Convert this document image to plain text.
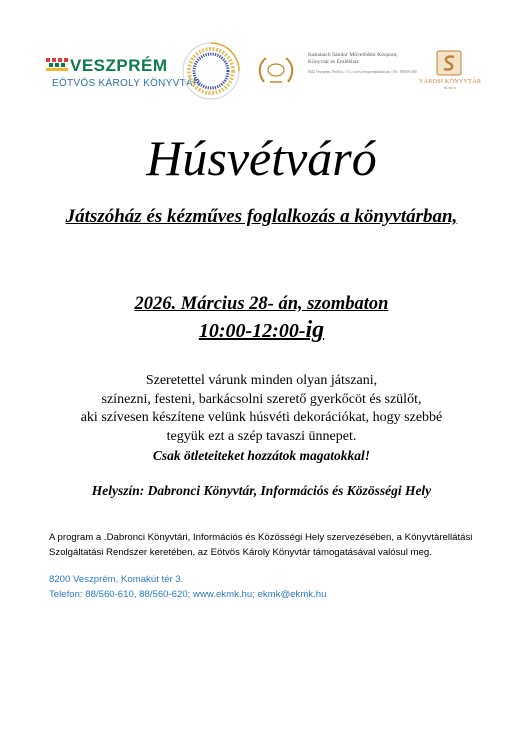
VESZPRÉM
EÖTVÖS KÁROLY KÖNYVTÁR
Kabalaich Sándor Művelődési Központ, Könyvtár és Emlékház
8442 Veszprém, Petőfi u. 1-3. | www.veszpremkultura.hu | Tel.: 88/560-260
VÁROSI KÖNYVTÁR
BÜHÜD
Húsvétváró
Játszóház és kézműves foglalkozás a könyvtárban,
2026. Március 28- án, szombaton
10:00-12:00-ig
Szeretettel várunk minden olyan játszani,
színezni, festeni, barkácsolni szerető gyerkőcöt és szülőt,
aki szívesen készítene velünk húsvéti dekorációkat, hogy szebbé
tegyük ezt a szép tavaszi ünnepet.
Csak ötleteiteket hozzátok magatokkal!
Helyszín: Dabronci Könyvtár, Információs és Közösségi Hely
A program a .Dabronci Könyvtári, Információs és Közösségi Hely szervezésében, a Könyvtárellátási Szolgáltatási Rendszer keretében, az Eötvös Károly Könyvtár támogatásával valósul meg.
8200 Veszprém, Komakút tér 3.
Telefon: 88/560-610, 88/560-620; www.ekmk.hu; ekmk@ekmk.hu
